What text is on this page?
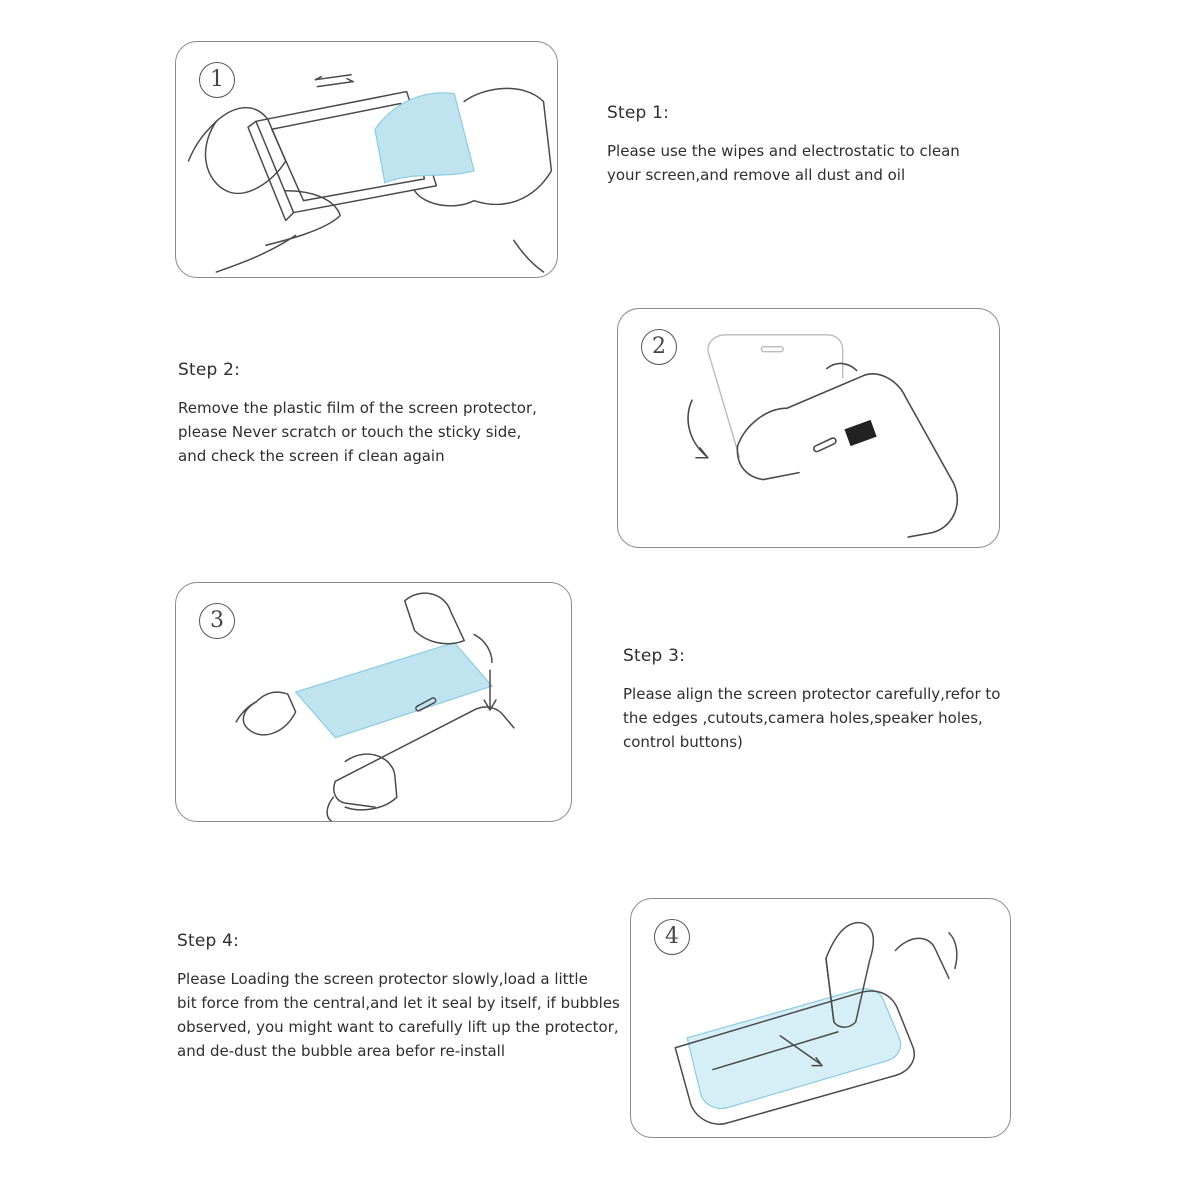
1

Step 1:

Please use the wipes and electrostatic to clean
your screen,and remove all dust and oil

2

Step 2:

Remove the plastic film of the screen protector,
please Never scratch or touch the sticky side,
and check the screen if clean again

3

Step 3:

Please align the screen protector carefully,refor to
the edges ,cutouts,camera holes,speaker holes,
control buttons)

4

Step 4:

Please Loading the screen protector slowly,load a little
bit force from the central,and let it seal by itself, if bubbles
observed, you might want to carefully lift up the protector,
and de-dust the bubble area befor re-install
